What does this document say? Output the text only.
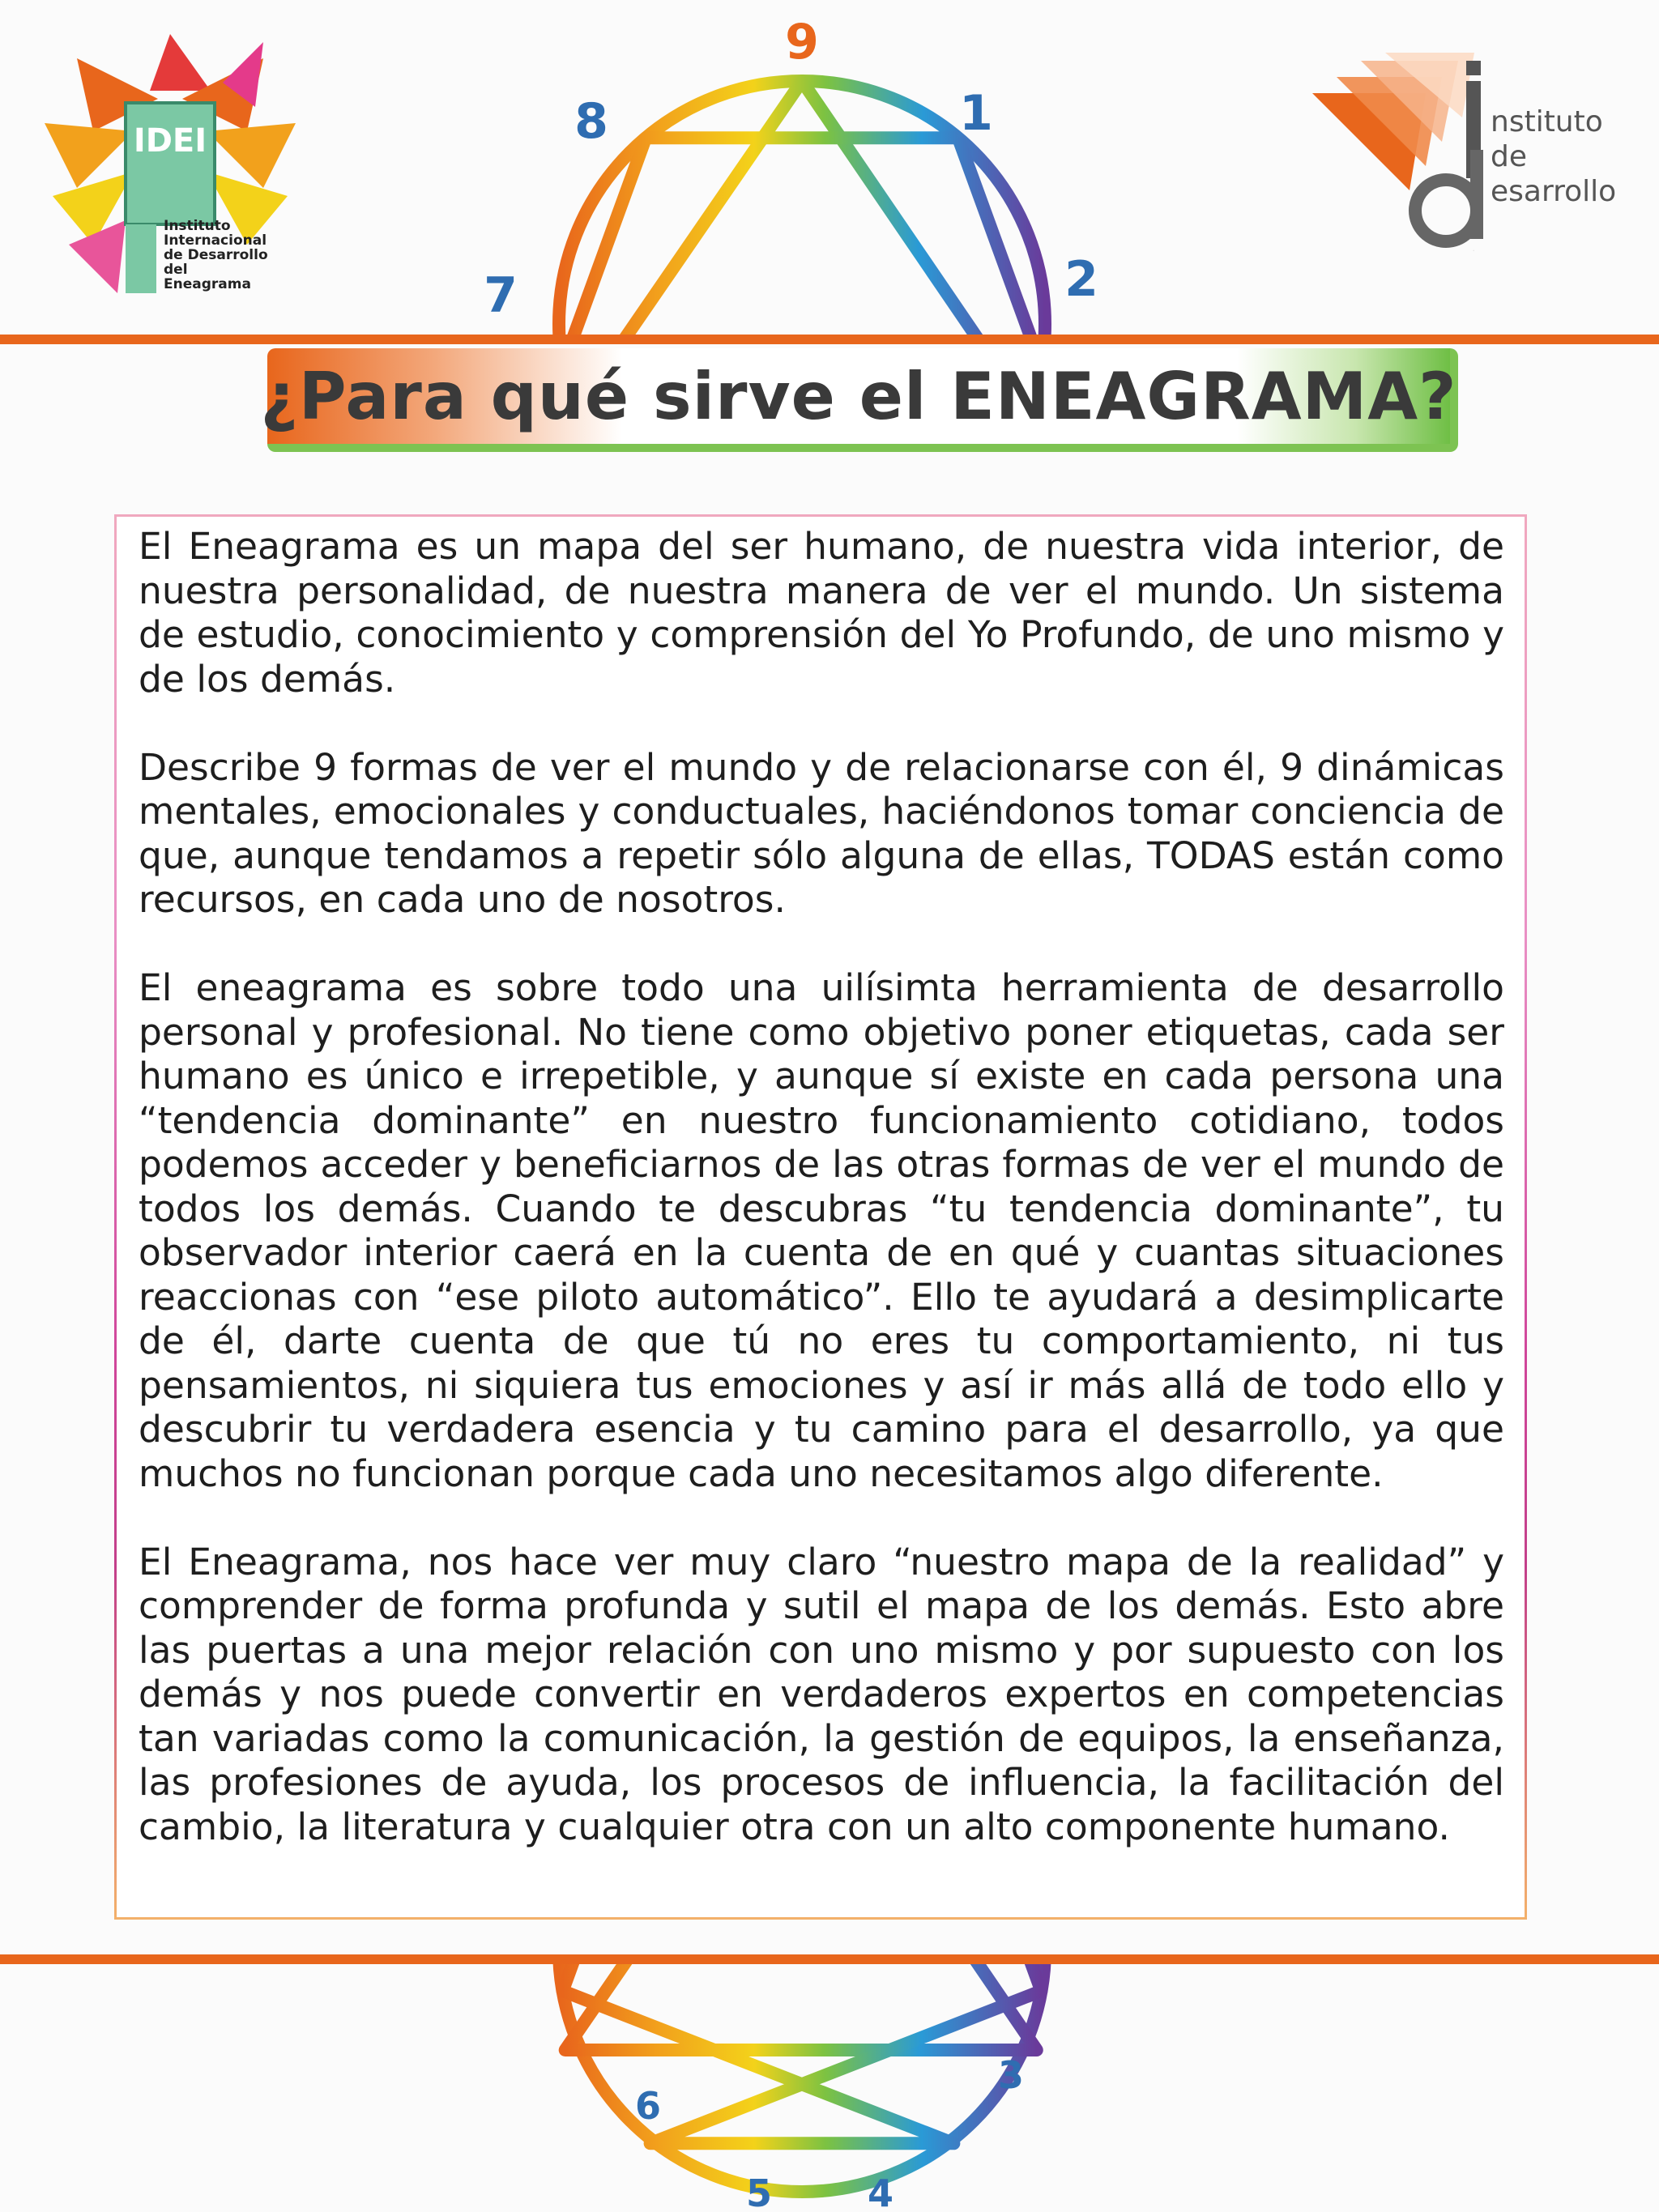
9
8	1
7	2
6
3
5	4
IDEI
Instituto
Internacional
de Desarrollo
del
Eneagrama
i
nstituto
de
esarrollo
¿Para qué sirve el ENEAGRAMA?

El Eneagrama es un mapa del ser humano, de nuestra vida interior, de nuestra personalidad, de nuestra manera de ver el mundo. Un sistema de estudio, conocimiento y comprensión del Yo Profundo, de uno mismo y de los demás.

Describe 9 formas de ver el mundo y de relacionarse con él, 9 dinámicas mentales, emocionales y conductuales, haciéndonos tomar conciencia de que, aunque tendamos a repetir sólo alguna de ellas, TODAS están como recursos, en cada uno de nosotros.

El eneagrama es sobre todo una uilísimta herramienta de desarrollo personal y profesional. No tiene como objetivo poner etiquetas, cada ser humano es único e irrepetible, y aunque sí existe en cada persona una “tendencia dominante” en nuestro funcionamiento cotidiano, todos podemos acceder y beneficiarnos de las otras formas de ver el mundo de todos los demás. Cuando te descubras “tu tendencia dominante”, tu observador interior caerá en la cuenta de en qué y cuantas situaciones reaccionas con “ese piloto automático”. Ello te ayudará a desimplicarte de él, darte cuenta de que tú no eres tu comportamiento, ni tus pensamientos, ni siquiera tus emociones y así ir más allá de todo ello y descubrir tu verdadera esencia y tu camino para el desarrollo, ya que muchos no funcionan porque cada uno necesitamos algo diferente.

El Eneagrama, nos hace ver muy claro “nuestro mapa de la realidad” y comprender de forma profunda y sutil el mapa de los demás. Esto abre las puertas a una mejor relación con uno mismo y por supuesto con los demás y nos puede convertir en verdaderos expertos en competencias tan variadas como la comunicación, la gestión de equipos, la enseñanza, las profesiones de ayuda, los procesos de influencia, la facilitación del cambio, la literatura y cualquier otra con un alto componente humano.
